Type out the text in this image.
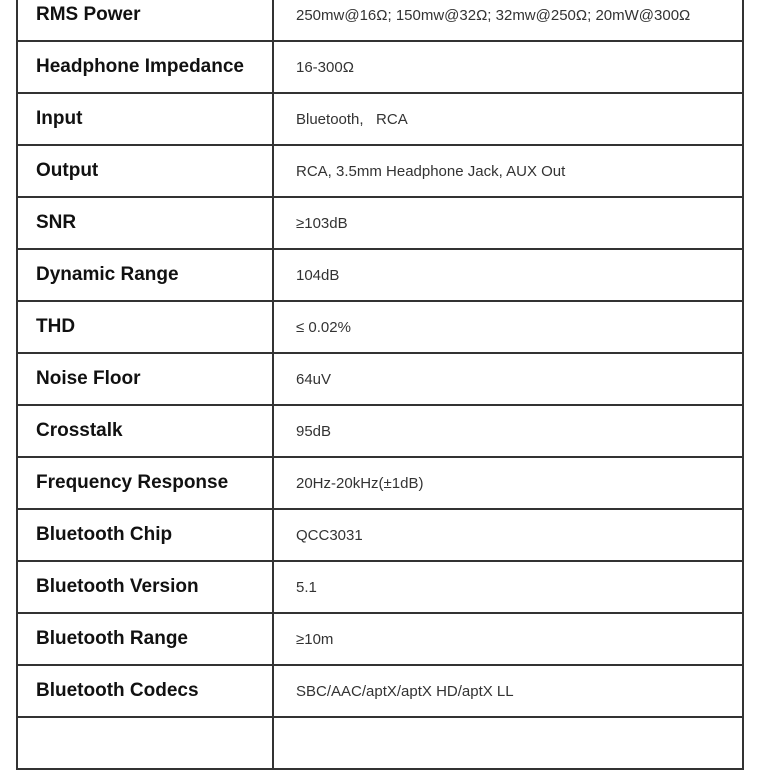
RMS Power	250mw@16Ω; 150mw@32Ω; 32mw@250Ω; 20mW@300Ω
Headphone Impedance	16-300Ω
Input	Bluetooth,   RCA
Output	RCA, 3.5mm Headphone Jack, AUX Out
SNR	≥103dB
Dynamic Range	104dB
THD	≤ 0.02%
Noise Floor	64uV
Crosstalk	95dB
Frequency Response	20Hz-20kHz(±1dB)
Bluetooth Chip	QCC3031
Bluetooth Version	5.1
Bluetooth Range	≥10m
Bluetooth Codecs	SBC/AAC/aptX/aptX HD/aptX LL
